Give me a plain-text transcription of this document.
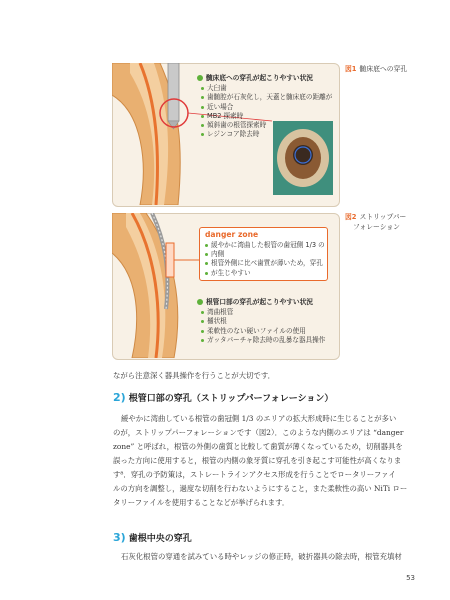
髄床底への穿孔が起こりやすい状況
大臼歯
歯髄腔が石灰化し，天蓋と髄床底の距離が
近い場合
MB2 探索時
傾斜歯の根管探索時
レジンコア除去時
図1 髄床底への穿孔
danger zone
緩やかに湾曲した根管の歯冠側 1/3 の
内側
根管外側に比べ歯質が薄いため，穿孔
が生じやすい
根管口部の穿孔が起こりやすい状況
湾曲根管
樋状根
柔軟性のない硬いファイルの使用
ガッタパーチャ除去時の乱暴な器具操作
図2 ストリップパー
フォレーション
ながら注意深く器具操作を行うことが大切です．
2) 根管口部の穿孔（ストリップパーフォレーション）
緩やかに湾曲している根管の歯冠側 1/3 のエリアの拡大形成時に生じることが多い
のが，ストリップパーフォレーションです（図2）．このような内側のエリアは “danger
zone” と呼ばれ，根管の外側の歯質と比較して歯質が薄くなっているため，切削器具を
誤った方向に使用すると，根管の内側の象牙質に穿孔を引き起こす可能性が高くなりま
す⁸．穿孔の予防策は，ストレートラインアクセス形成を行うことでロータリーファイ
ルの方向を調整し，過度な切削を行わないようにすること，また柔軟性の高い NiTi ロー
タリーファイルを使用することなどが挙げられます．
3) 歯根中央の穿孔
石灰化根管の穿通を試みている時やレッジの修正時，破折器具の除去時，根管充填材
53
